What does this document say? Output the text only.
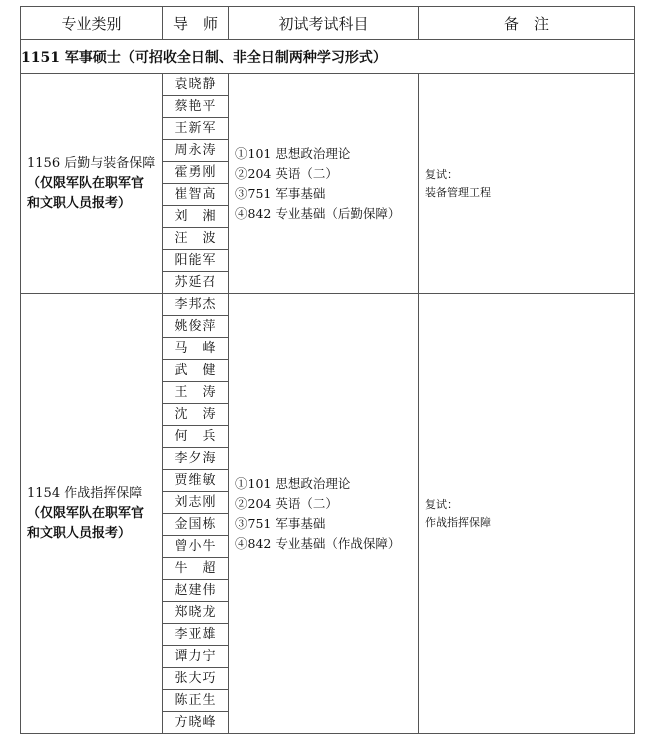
专业类别	导　师	初试考试科目	备　注
1151 军事硕士（可招收全日制、非全日制两种学习形式）			
1156 后勤与装备保障
（仅限军队在职军官和文职人员报考）	袁晓静	①101 思想政治理论
②204 英语（二）
③751 军事基础
④842 专业基础（后勤保障）	复试：
装备管理工程

	蔡艳平		
	王新军		
	周永涛		
	霍勇刚		
	崔智高		
	刘　湘		
	汪　波		
	阳能军		
	苏延召		
1154 作战指挥保障
（仅限军队在职军官和文职人员报考）	李邦杰	①101 思想政治理论
②204 英语（二）
③751 军事基础
④842 专业基础（作战保障）	复试：
作战指挥保障

	姚俊萍		
	马　峰		
	武　健		
	王　涛		
	沈　涛		
	何　兵		
	李夕海		
	贾维敏		
	刘志刚		
	金国栋		
	曾小牛		
	牛　超		
	赵建伟		
	郑晓龙		
	李亚雄		
	谭力宁		
	张大巧		
	陈正生		
	方晓峰		
